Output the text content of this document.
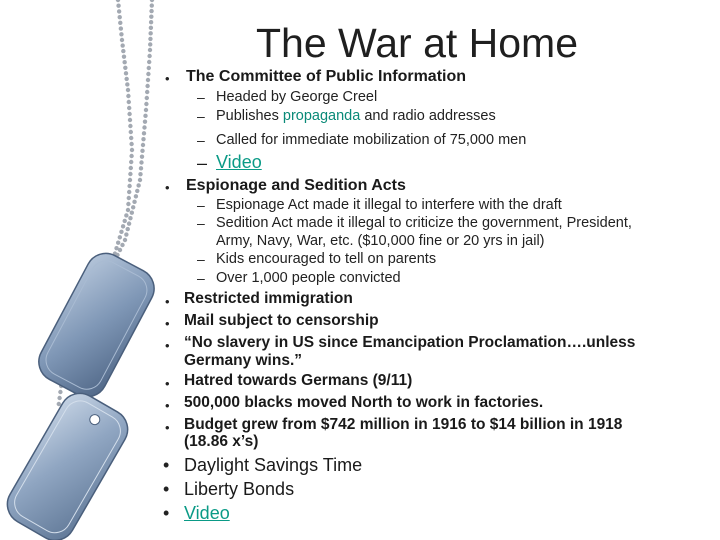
The War at Home
• The Committee of Public Information
– Headed by George Creel
– Publishes propaganda and radio addresses
– Called for immediate mobilization of 75,000 men
– Video
• Espionage and Sedition Acts
– Espionage Act made it illegal to interfere with the draft
– Sedition Act made it illegal to criticize the government, President,
Army, Navy, War, etc. ($10,000 fine or 20 yrs in jail)
– Kids encouraged to tell on parents
– Over 1,000 people convicted
• Restricted immigration
• Mail subject to censorship
• “No slavery in US since Emancipation Proclamation….unless
Germany wins.”
• Hatred towards Germans (9/11)
• 500,000 blacks moved North to work in factories.
• Budget grew from $742 million in 1916 to $14 billion in 1918
(18.86 x’s)
• Daylight Savings Time
• Liberty Bonds
• Video
